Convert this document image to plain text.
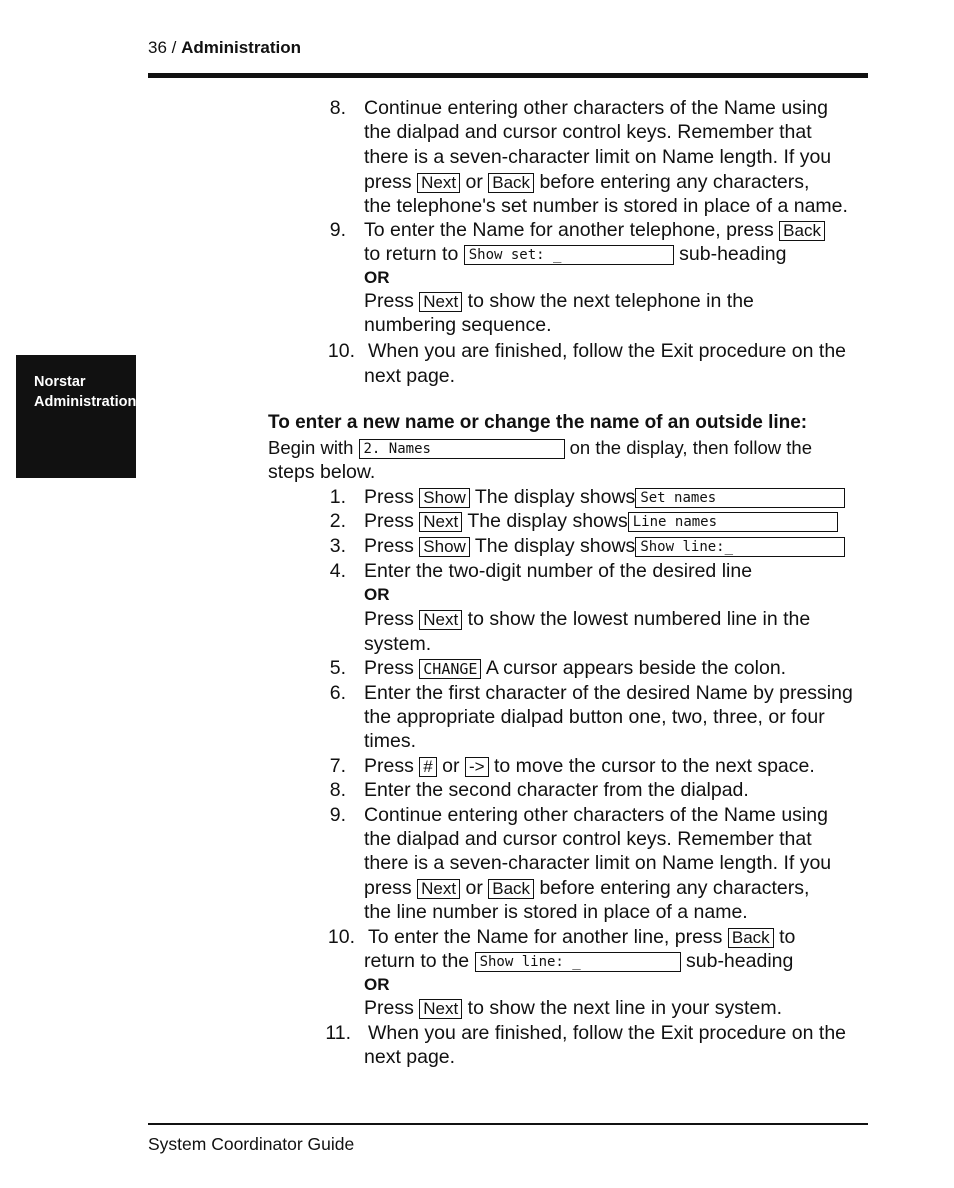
36 / Administration
Norstar
Administration
8. Continue entering other characters of the Name using
the dialpad and cursor control keys. Remember that
there is a seven-character limit on Name length. If you
press Next or Back before entering any characters,
the telephone's set number is stored in place of a name.
9. To enter the Name for another telephone, press Back
to return to Show set: _	sub-heading
OR
Press Next to show the next telephone in the
numbering sequence.
10. When you are finished, follow the Exit procedure on the
next page.
To enter a new name or change the name of an outside line:
Begin with 2. Names	on the display, then follow the
steps below.
1. Press Show The display shows Set names
2. Press Next The display shows Line names
3. Press Show The display shows Show line:_
4. Enter the two-digit number of the desired line
OR
Press Next to show the lowest numbered line in the
system.
5. Press CHANGE A cursor appears beside the colon.
6. Enter the first character of the desired Name by pressing
the appropriate dialpad button one, two, three, or four
times.
7. Press # or -> to move the cursor to the next space.
8. Enter the second character from the dialpad.
9. Continue entering other characters of the Name using
the dialpad and cursor control keys. Remember that
there is a seven-character limit on Name length. If you
press Next or Back before entering any characters,
the line number is stored in place of a name.
10. To enter the Name for another line, press Back to
return to the Show line: _	sub-heading
OR
Press Next to show the next line in your system.
11. When you are finished, follow the Exit procedure on the
next page.
System Coordinator Guide
